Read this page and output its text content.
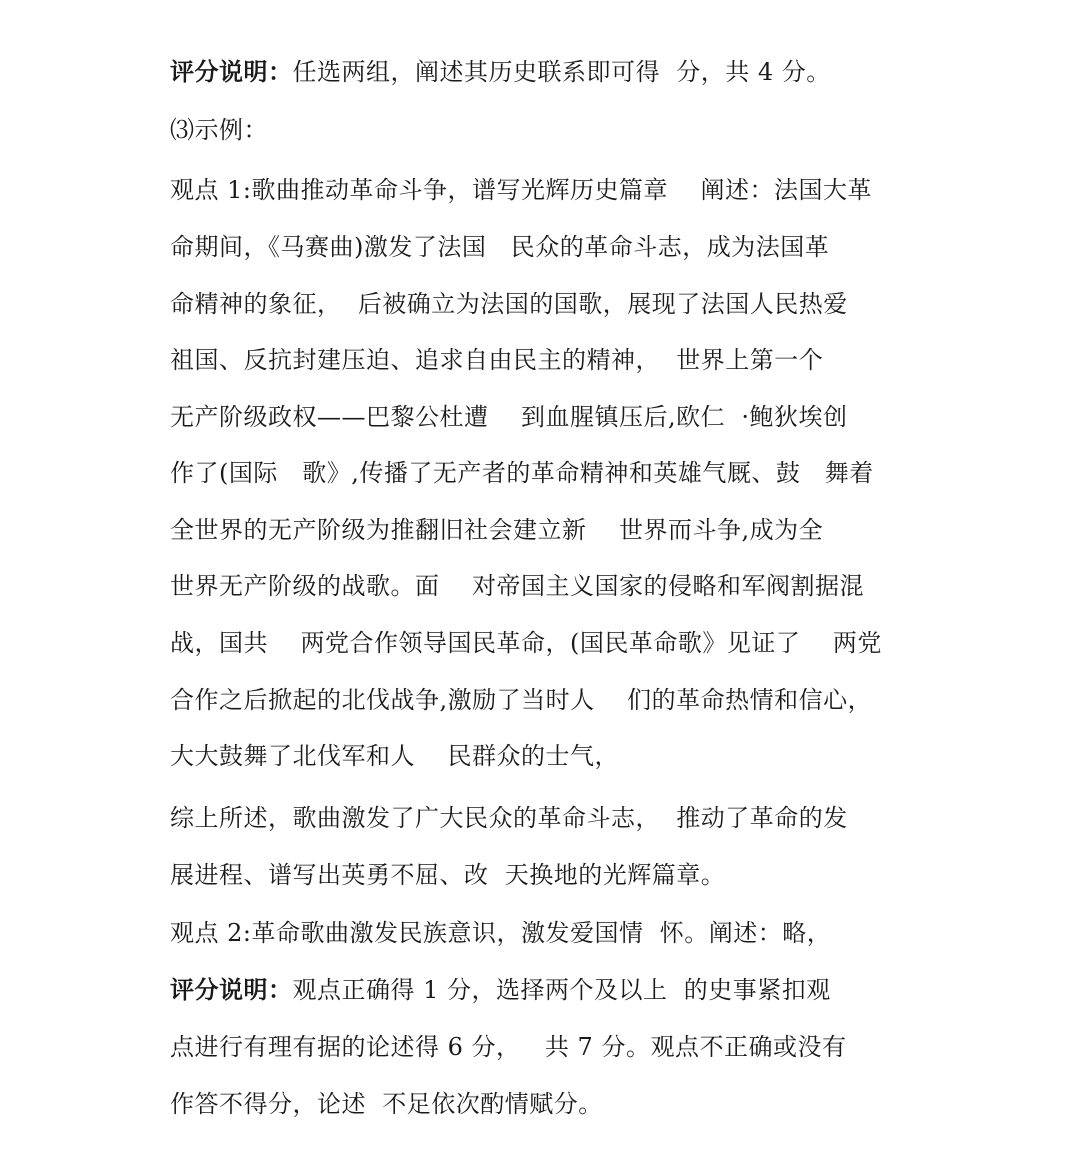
评分说明：任选两组，阐述其历史联系即可得  分，共 4 分。
⑶示例：
观点 1:歌曲推动革命斗争，谱写光辉历史篇章    阐述：法国大革
命期间，《马赛曲)激发了法国   民众的革命斗志，成为法国革
命精神的象征，  后被确立为法国的国歌，展现了法国人民热爱
祖国、反抗封建压迫、追求自由民主的精神，  世界上第一个
无产阶级政权——巴黎公杜遭    到血腥镇压后,欧仁  ·鲍狄埃创
作了(国际   歌》,传播了无产者的革命精神和英雄气厩、鼓   舞着
全世界的无产阶级为推翻旧社会建立新    世界而斗争,成为全
世界无产阶级的战歌。面    对帝国主义国家的侵略和军阀割据混
战，国共    两党合作领导国民革命，(国民革命歌》见证了    两党
合作之后掀起的北伐战争,激励了当时人    们的革命热情和信心，
大大鼓舞了北伐军和人    民群众的士气，
综上所述，歌曲激发了广大民众的革命斗志，  推动了革命的发
展进程、谱写出英勇不屈、改  天换地的光辉篇章。
观点 2:革命歌曲激发民族意识，激发爱国情  怀。阐述：略，
评分说明：观点正确得 1 分，选择两个及以上  的史事紧扣观
点进行有理有据的论述得 6 分，   共 7 分。观点不正确或没有
作答不得分，论述  不足依次酌情赋分。
